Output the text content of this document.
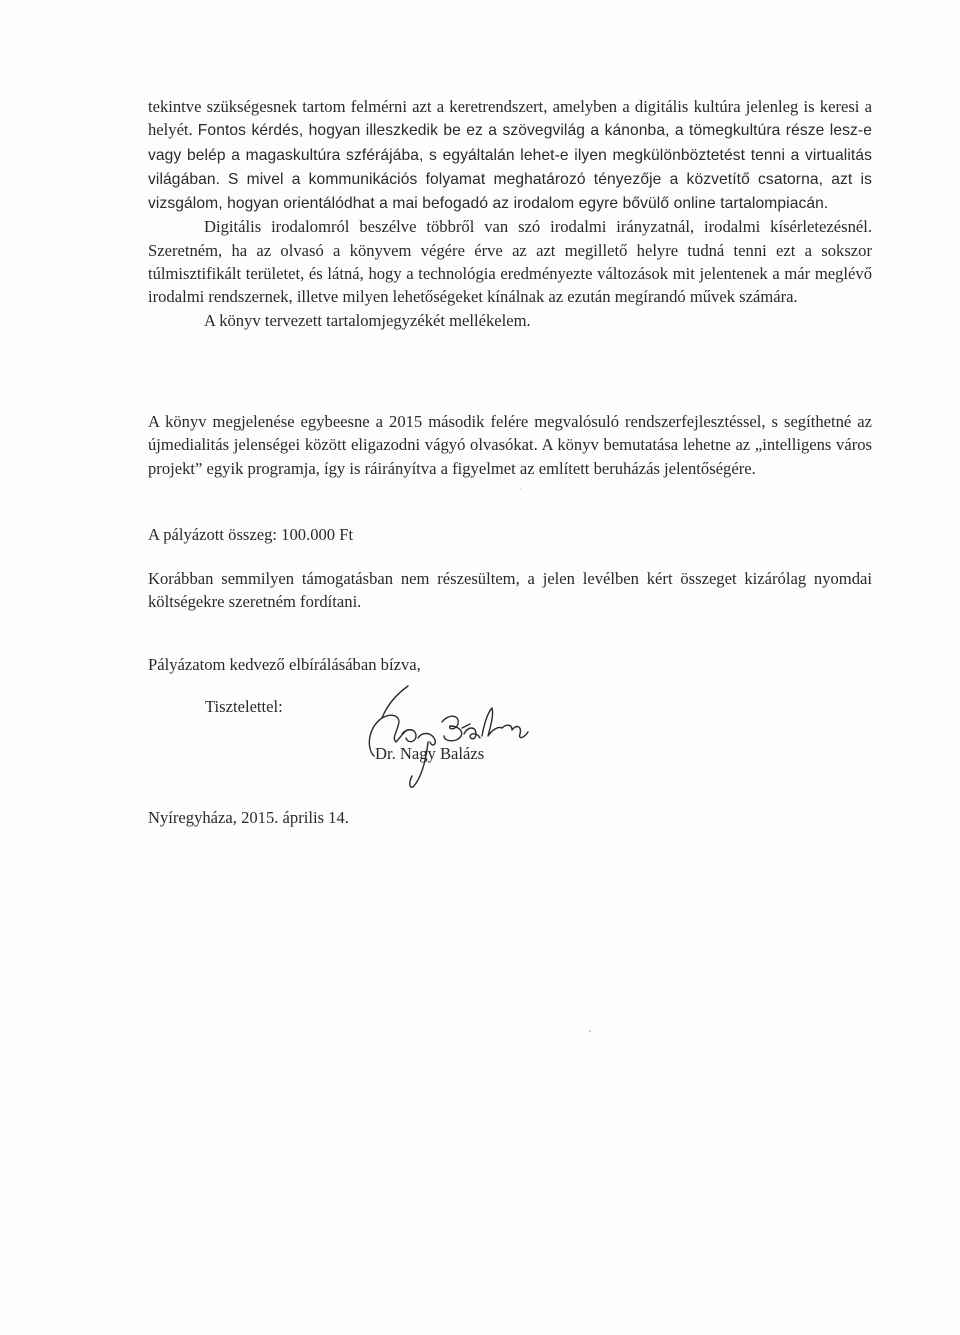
tekintve szükségesnek tartom felmérni azt a keretrendszert, amelyben a digitális kultúra jelenleg is keresi a helyét. Fontos kérdés, hogyan illeszkedik be ez a szövegvilág a kánonba, a tömegkultúra része lesz-e vagy belép a magaskultúra szférájába, s egyáltalán lehet-e ilyen megkülönböztetést tenni a virtualitás világában. S mivel a kommunikációs folyamat meghatározó tényezője a közvetítő csatorna, azt is vizsgálom, hogyan orientálódhat a mai befogadó az irodalom egyre bővülő online tartalompiacán.

Digitális irodalomról beszélve többről van szó irodalmi irányzatnál, irodalmi kísérletezésnél. Szeretném, ha az olvasó a könyvem végére érve az azt megillető helyre tudná tenni ezt a sokszor túlmisztifikált területet, és látná, hogy a technológia eredményezte változások mit jelentenek a már meglévő irodalmi rendszernek, illetve milyen lehetőségeket kínálnak az ezután megírandó művek számára.

A könyv tervezett tartalomjegyzékét mellékelem.

A könyv megjelenése egybeesne a 2015 második felére megvalósuló rendszerfejlesztéssel, s segíthetné az újmedialitás jelenségei között eligazodni vágyó olvasókat. A könyv bemutatása lehetne az „intelligens város projekt” egyik programja, így is ráirányítva a figyelmet az említett beruházás jelentőségére.

A pályázott összeg: 100.000 Ft

Korábban semmilyen támogatásban nem részesültem, a jelen levélben kért összeget kizárólag nyomdai költségekre szeretném fordítani.

Pályázatom kedvező elbírálásában bízva,

Tisztelettel:
Dr. Nagy Balázs
Nyíregyháza, 2015. április 14.
